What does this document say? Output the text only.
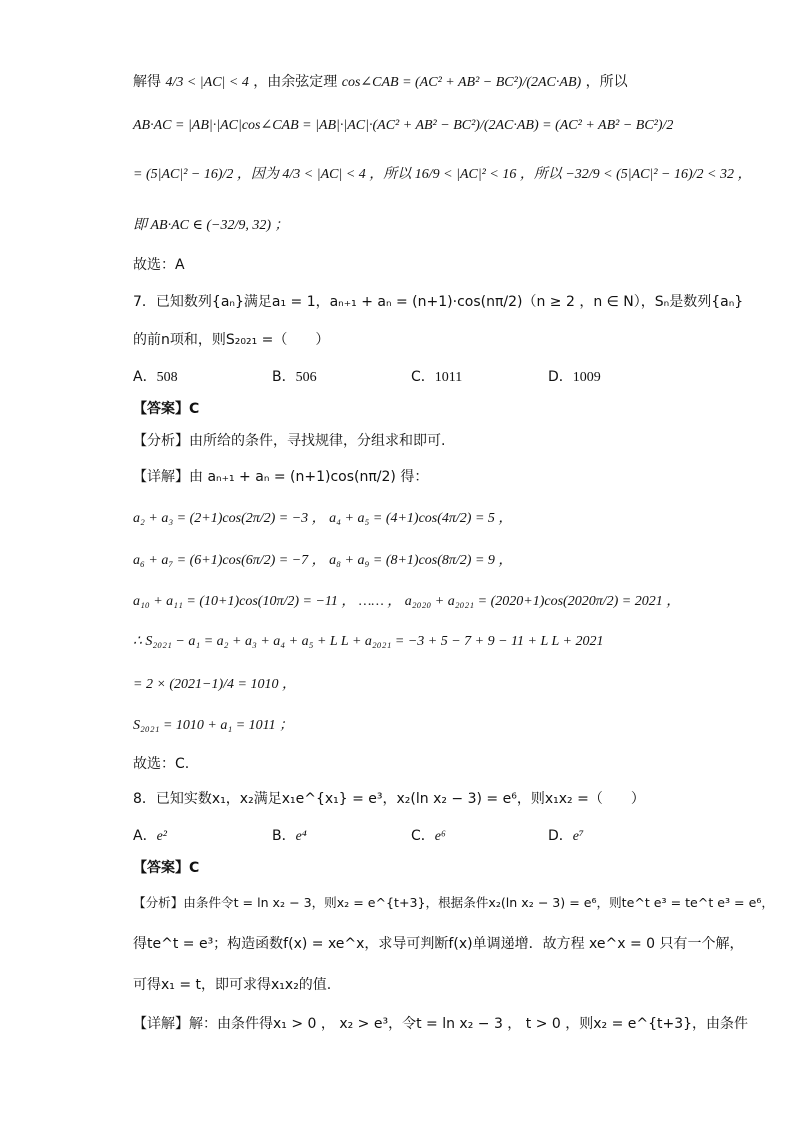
解得 4/3 < |AC| < 4 ，由余弦定理 cos∠CAB = (AC² + AB² − BC²)/(2AC·AB) ，所以
AB·AC = |AB|·|AC|cos∠CAB = |AB|·|AC|·(AC² + AB² − BC²)/(2AC·AB) = (AC² + AB² − BC²)/2
= (5|AC|² − 16)/2 ，因为 4/3 < |AC| < 4 ，所以 16/9 < |AC|² < 16 ，所以 −32/9 < (5|AC|² − 16)/2 < 32 ，
即 AB·AC ∈ (−32/9, 32) ；
故选：A
7．已知数列{aₙ}满足a₁ = 1，aₙ₊₁ + aₙ = (n+1)·cos(nπ/2)（n ≥ 2 ，n ∈ N），Sₙ是数列{aₙ}
的前n项和，则S₂₀₂₁ =（　　）
A．508	B．506	C．1011	D．1009
【答案】C
【分析】由所给的条件，寻找规律，分组求和即可.
【详解】由 aₙ₊₁ + aₙ = (n+1)cos(nπ/2) 得：
a₂ + a₃ = (2+1)cos(2π/2) = −3 ， a₄ + a₅ = (4+1)cos(4π/2) = 5 ，
a₆ + a₇ = (6+1)cos(6π/2) = −7 ， a₈ + a₉ = (8+1)cos(8π/2) = 9 ，
a₁₀ + a₁₁ = (10+1)cos(10π/2) = −11 ， …… ， a₂₀₂₀ + a₂₀₂₁ = (2020+1)cos(2020π/2) = 2021 ，
∴ S₂₀₂₁ − a₁ = a₂ + a₃ + a₄ + a₅ + L L + a₂₀₂₁ = −3 + 5 − 7 + 9 − 11 + L L + 2021
= 2 × (2021−1)/4 = 1010 ，
S₂₀₂₁ = 1010 + a₁ = 1011 ；
故选：C.
8．已知实数x₁，x₂满足x₁e^{x₁} = e³，x₂(ln x₂ − 3) = e⁶，则x₁x₂ =（　　）
A．e²	B．e⁴	C．e⁶	D．e⁷
【答案】C
【分析】由条件令t = ln x₂ − 3，则x₂ = e^{t+3}，根据条件x₂(ln x₂ − 3) = e⁶，则te^t e³ = te^t e³ = e⁶，
得te^t = e³；构造函数f(x) = xe^x，求导可判断f(x)单调递增．故方程 xe^x = 0 只有一个解，
可得x₁ = t，即可求得x₁x₂的值.
【详解】解：由条件得x₁ > 0 ， x₂ > e³，令t = ln x₂ − 3 ， t > 0 ，则x₂ = e^{t+3}，由条件
